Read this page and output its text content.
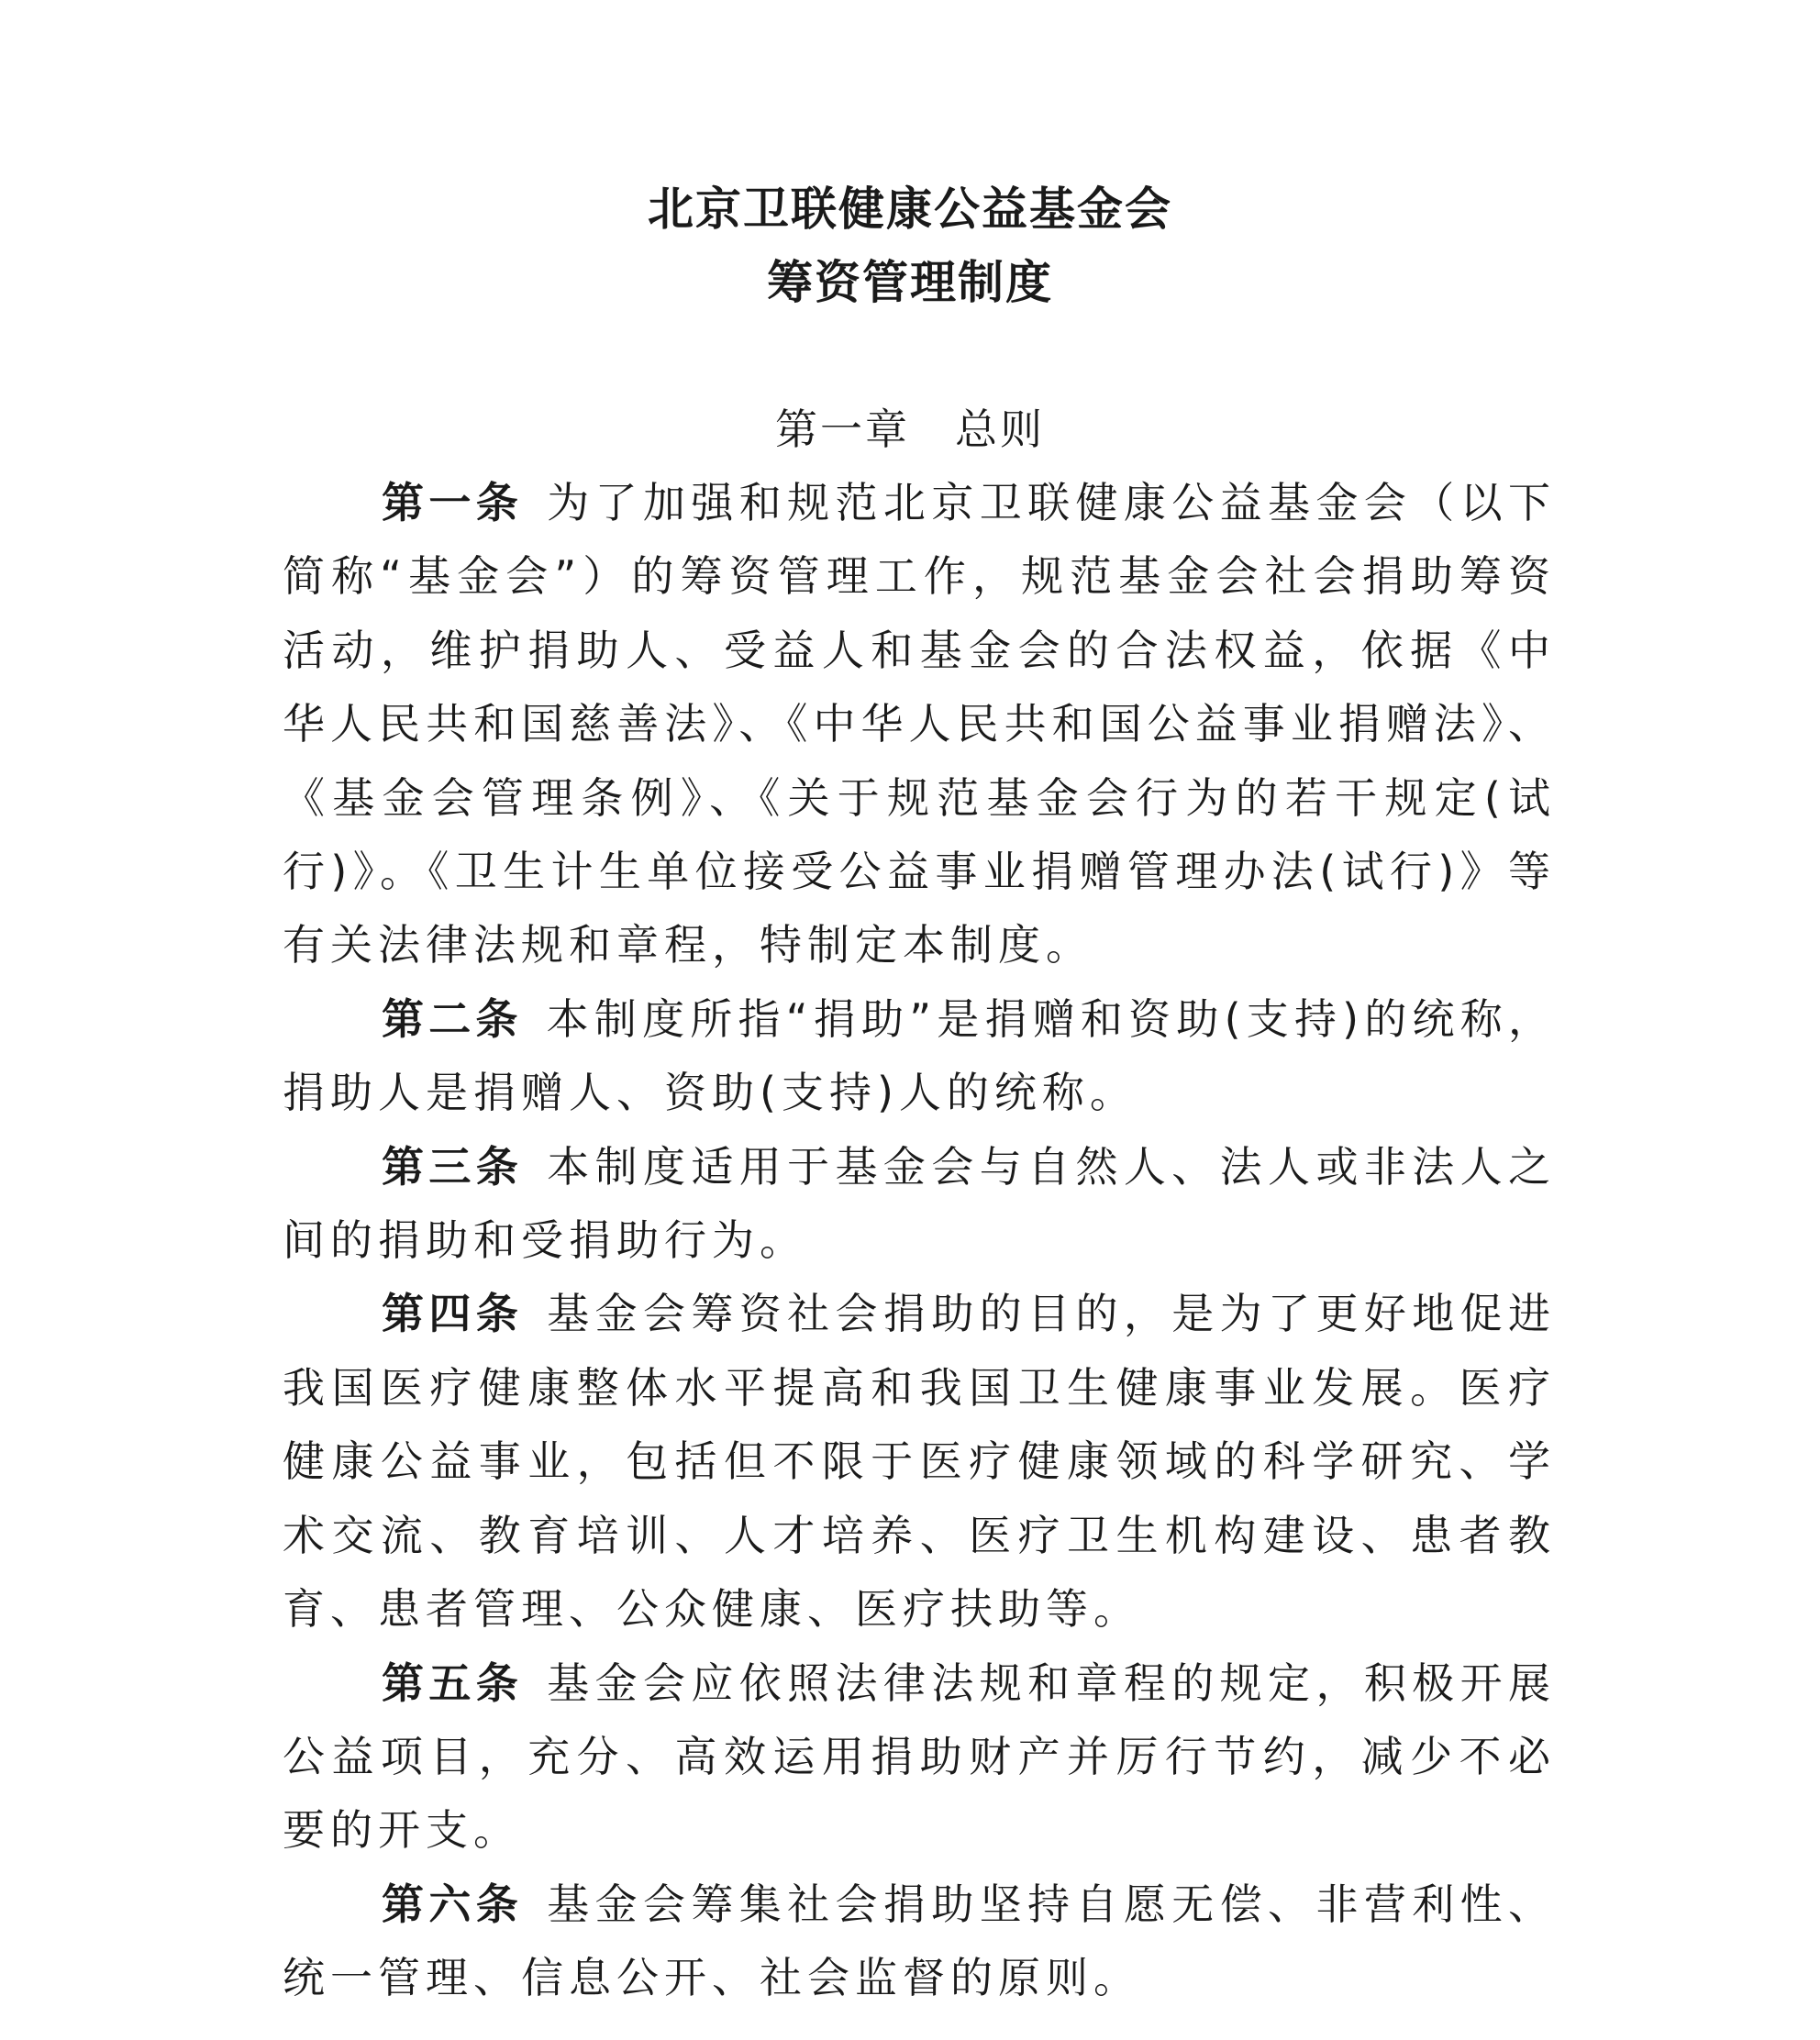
北京卫联健康公益基金会
筹资管理制度
第一章　总则

第一条 为了加强和规范北京卫联健康公益基金会（以下简称“基金会”）的筹资管理工作，规范基金会社会捐助筹资活动，维护捐助人、受益人和基金会的合法权益，依据《中华人民共和国慈善法》、《中华人民共和国公益事业捐赠法》、《基金会管理条例》、《关于规范基金会行为的若干规定(试行)》。《卫生计生单位接受公益事业捐赠管理办法(试行)》等有关法律法规和章程，特制定本制度。

第二条 本制度所指“捐助”是捐赠和资助(支持)的统称，捐助人是捐赠人、资助(支持)人的统称。

第三条 本制度适用于基金会与自然人、法人或非法人之间的捐助和受捐助行为。

第四条 基金会筹资社会捐助的目的，是为了更好地促进我国医疗健康整体水平提高和我国卫生健康事业发展。医疗健康公益事业，包括但不限于医疗健康领域的科学研究、学术交流、教育培训、人才培养、医疗卫生机构建设、患者教育、患者管理、公众健康、医疗扶助等。

第五条 基金会应依照法律法规和章程的规定，积极开展公益项目，充分、高效运用捐助财产并厉行节约，减少不必要的开支。

第六条 基金会筹集社会捐助坚持自愿无偿、非营利性、统一管理、信息公开、社会监督的原则。
